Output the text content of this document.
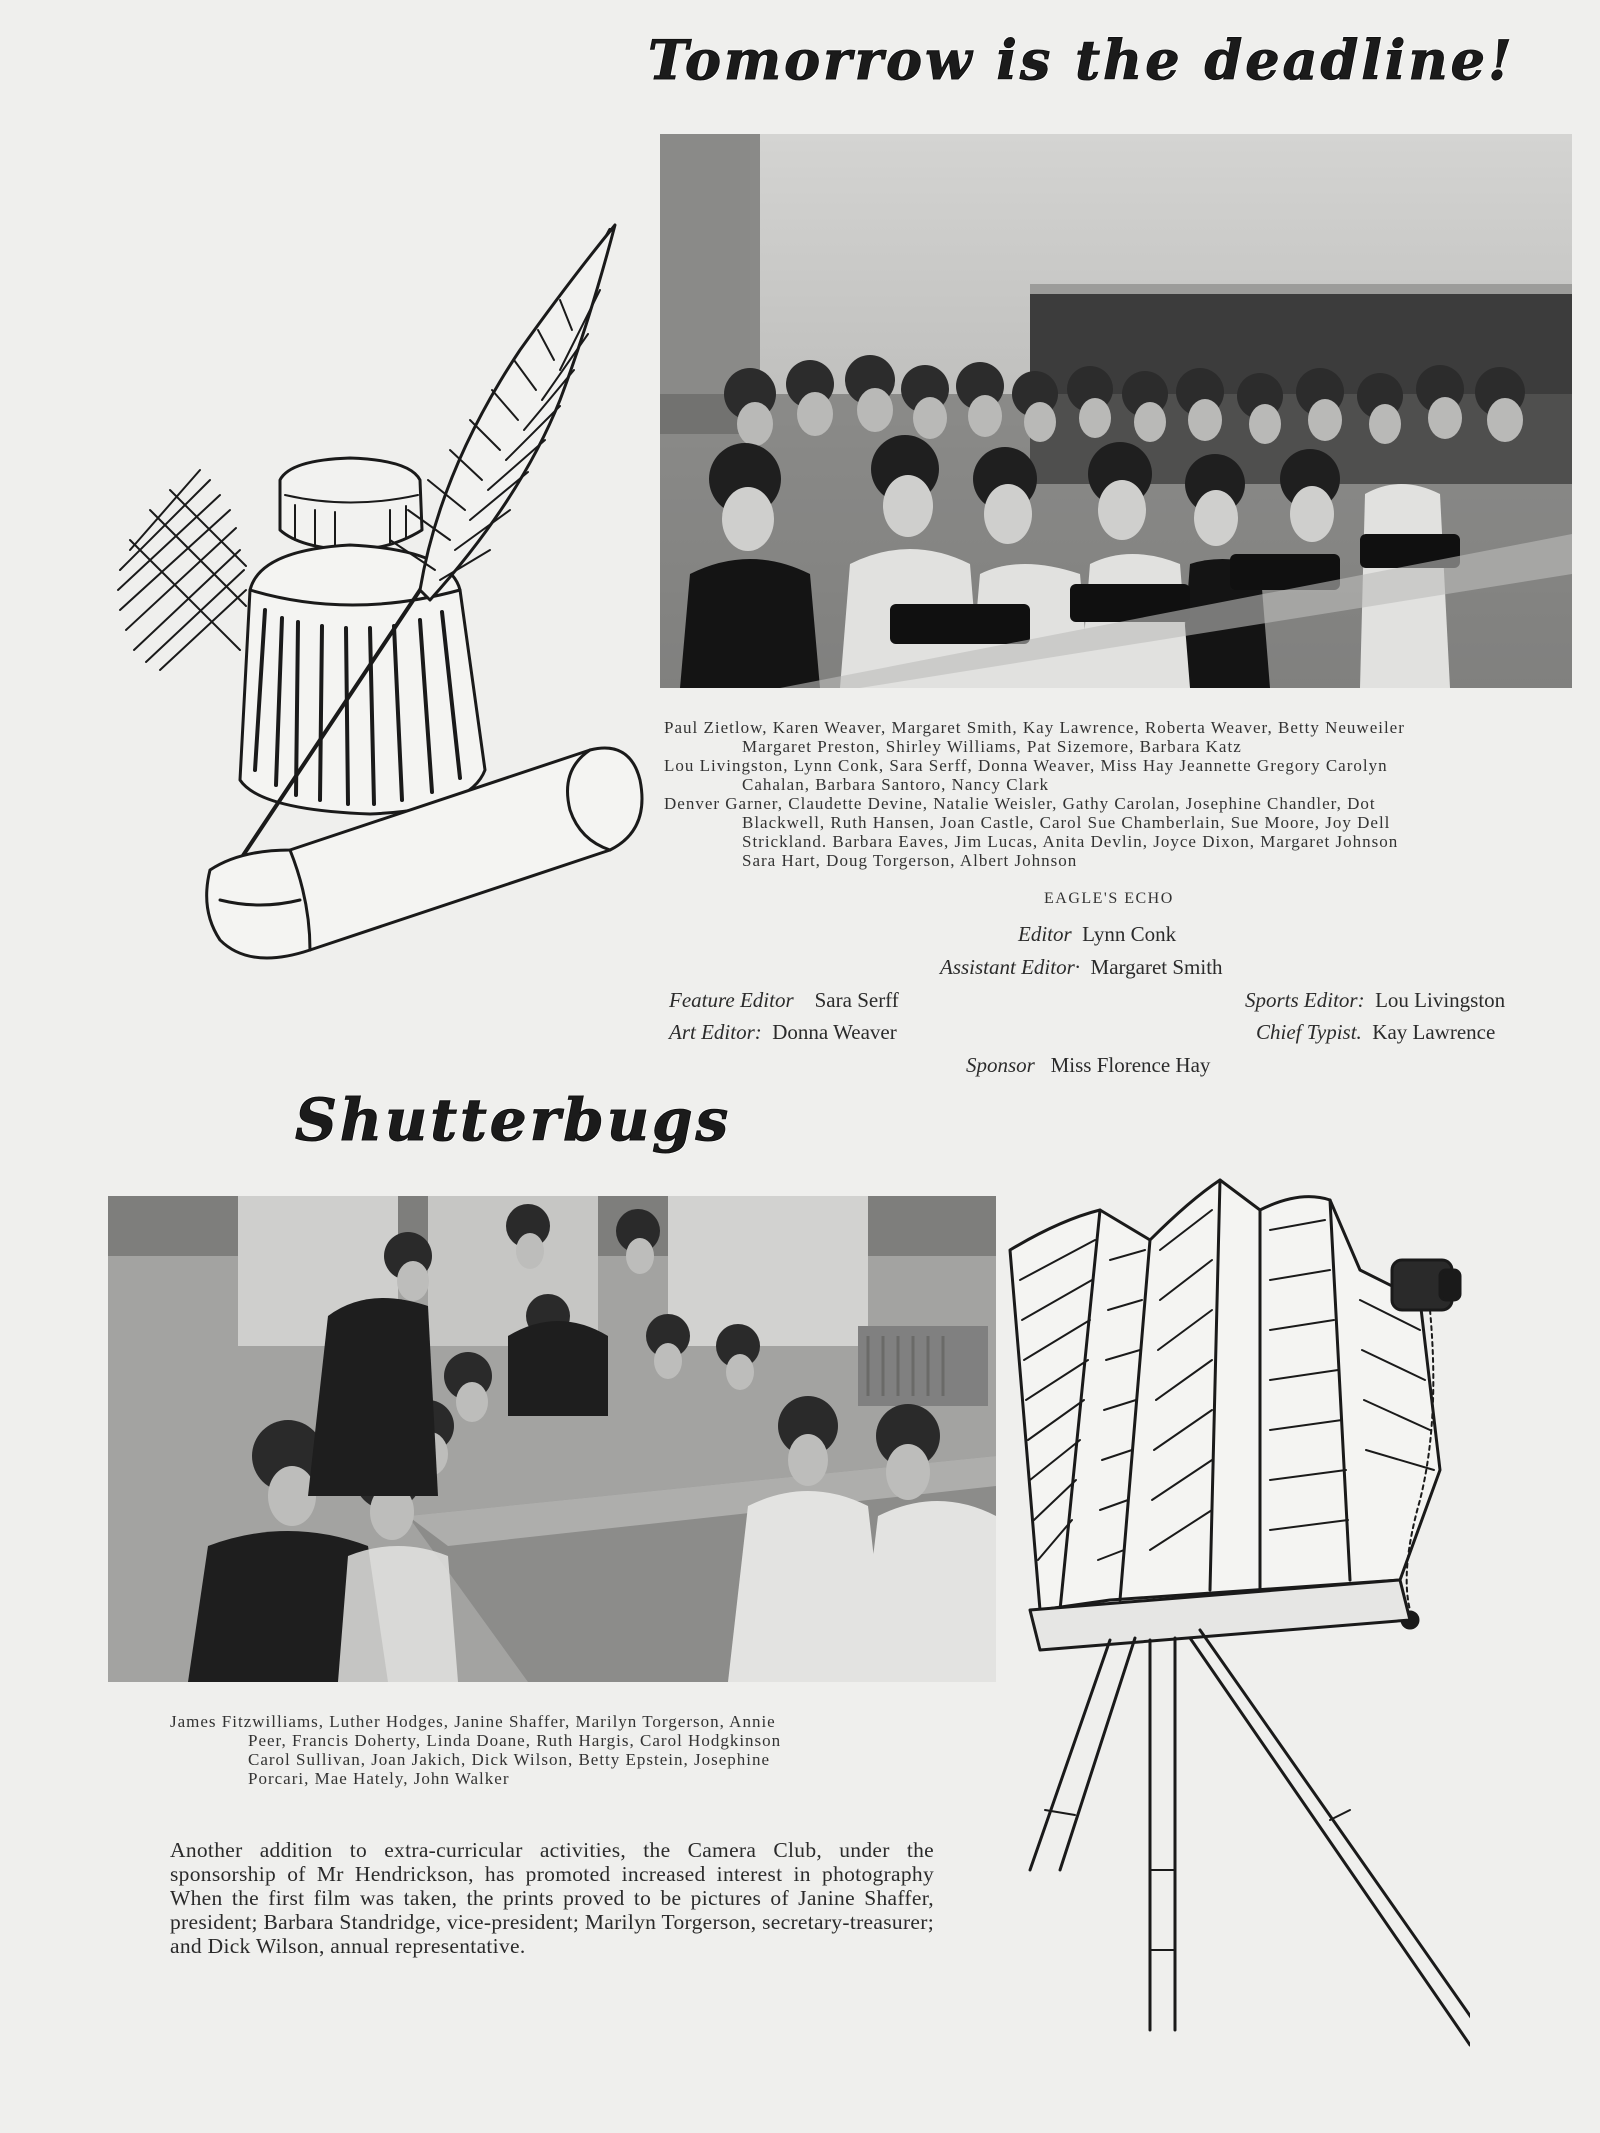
Tomorrow is the deadline!
Paul Zietlow, Karen Weaver, Margaret Smith, Kay Lawrence, Roberta Weaver, Betty Neuweiler
Margaret Preston, Shirley Williams, Pat Sizemore, Barbara Katz
Lou Livingston, Lynn Conk, Sara Serff, Donna Weaver, Miss Hay Jeannette Gregory Carolyn
Cahalan, Barbara Santoro, Nancy Clark
Denver Garner, Claudette Devine, Natalie Weisler, Gathy Carolan, Josephine Chandler, Dot
Blackwell, Ruth Hansen, Joan Castle, Carol Sue Chamberlain, Sue Moore, Joy Dell
Strickland. Barbara Eaves, Jim Lucas, Anita Devlin, Joyce Dixon, Margaret Johnson
Sara Hart, Doug Torgerson, Albert Johnson
EAGLE'S ECHO
Editor Lynn Conk
Assistant Editor· Margaret Smith
Feature Editor Sara Serff	Sports Editor: Lou Livingston
Art Editor: Donna Weaver	Chief Typist. Kay Lawrence
Sponsor Miss Florence Hay
Shutterbugs
James Fitzwilliams, Luther Hodges, Janine Shaffer, Marilyn Torgerson, Annie
Peer, Francis Doherty, Linda Doane, Ruth Hargis, Carol Hodgkinson
Carol Sullivan, Joan Jakich, Dick Wilson, Betty Epstein, Josephine
Porcari, Mae Hately, John Walker
Another addition to extra-curricular activities, the Camera Club, under the sponsorship of Mr Hendrickson, has promoted increased interest in photography When the first film was taken, the prints proved to be pictures of Janine Shaffer, president; Barbara Standridge, vice-president; Marilyn Torgerson, secretary-treasurer; and Dick Wilson, annual representative.
